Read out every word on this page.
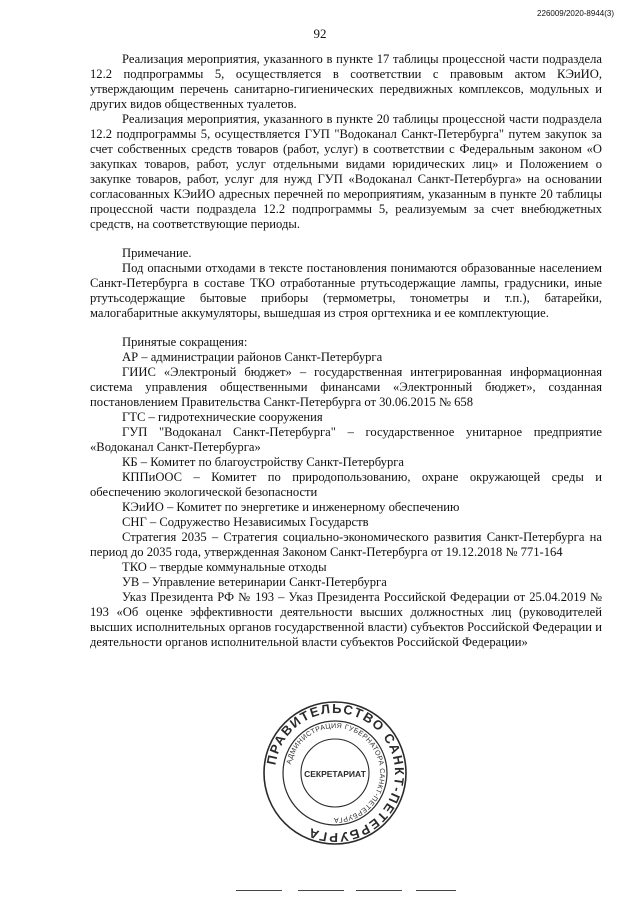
226009/2020-8944(3)
92

Реализация мероприятия, указанного в пункте 17 таблицы процессной части подраздела 12.2 подпрограммы 5, осуществляется в соответствии с правовым актом КЭиИО, утверждающим перечень санитарно-гигиенических передвижных комплексов, модульных и других видов общественных туалетов.

Реализация мероприятия, указанного в пункте 20 таблицы процессной части подраздела 12.2 подпрограммы 5, осуществляется ГУП "Водоканал Санкт-Петербурга" путем закупок за счет собственных средств товаров (работ, услуг) в соответствии с Федеральным законом «О закупках товаров, работ, услуг отдельными видами юридических лиц» и Положением о закупке товаров, работ, услуг для нужд ГУП «Водоканал Санкт-Петербурга» на основании согласованных КЭиИО адресных перечней по мероприятиям, указанным в пункте 20 таблицы процессной части подраздела 12.2 подпрограммы 5, реализуемым за счет внебюджетных средств, на соответствующие периоды.

Примечание.

Под опасными отходами в тексте постановления понимаются образованные населением Санкт-Петербурга в составе ТКО отработанные ртутьсодержащие лампы, градусники, иные ртутьсодержащие бытовые приборы (термометры, тонометры и т.п.), батарейки, малогабаритные аккумуляторы, вышедшая из строя оргтехника и ее комплектующие.

Принятые сокращения:

АР – администрации районов Санкт-Петербурга

ГИИС «Электроный бюджет» – государственная интегрированная информационная система управления общественными финансами «Электронный бюджет», созданная постановлением Правительства Санкт-Петербурга от 30.06.2015 № 658

ГТС – гидротехнические сооружения

ГУП "Водоканал Санкт-Петербурга" – государственное унитарное предприятие «Водоканал Санкт-Петербурга»

КБ – Комитет по благоустройству Санкт-Петербурга

КППиООС – Комитет по природопользованию, охране окружающей среды и обеспечению экологической безопасности

КЭиИО – Комитет по энергетике и инженерному обеспечению

СНГ – Содружество Независимых Государств

Стратегия 2035 – Стратегия социально-экономического развития Санкт-Петербурга на период до 2035 года, утвержденная Законом Санкт-Петербурга от 19.12.2018 № 771-164

ТКО – твердые коммунальные отходы

УВ – Управление ветеринарии Санкт-Петербурга

Указ Президента РФ № 193 – Указ Президента Российской Федерации от 25.04.2019 № 193 «Об оценке эффективности деятельности высших должностных лиц (руководителей высших исполнительных органов государственной власти) субъектов Российской Федерации и деятельности органов исполнительной власти субъектов Российской Федерации»

ПРАВИТЕЛЬСТВО САНКТ-ПЕТЕРБУРГА
АДМИНИСТРАЦИЯ ГУБЕРНАТОРА САНКТ-ПЕТЕРБУРГА
СЕКРЕТАРИАТ
